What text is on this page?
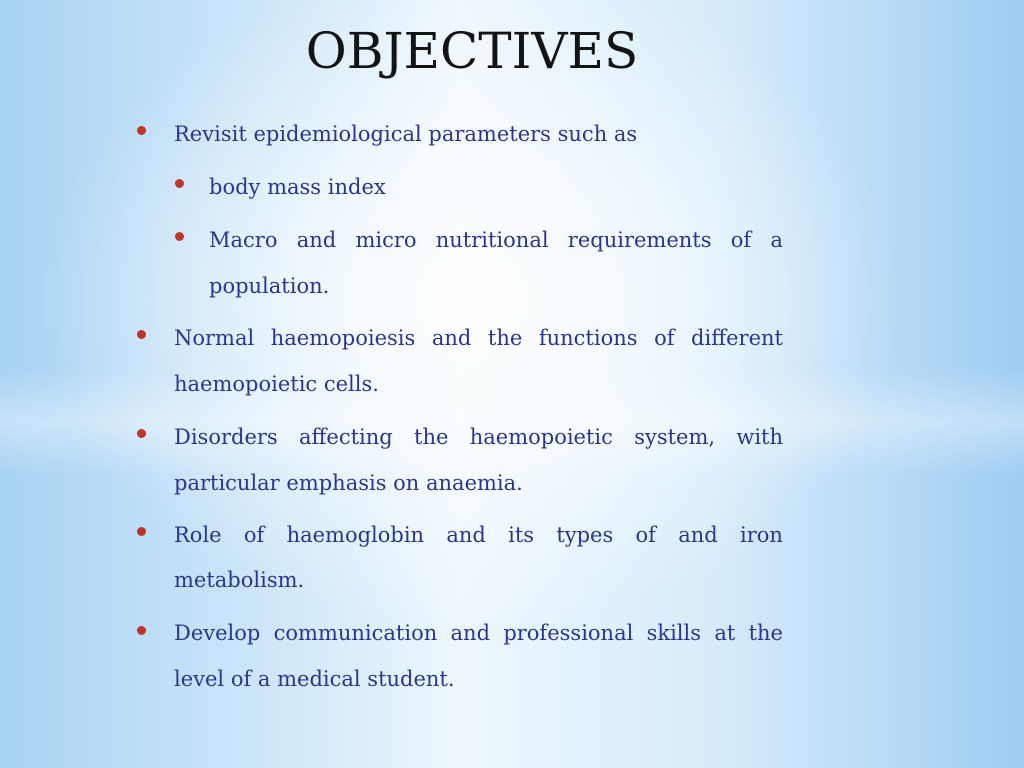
OBJECTIVES

Revisit epidemiological parameters such as

body mass index

Macro and micro nutritional requirements of a

population.

Normal haemopoiesis and the functions of different

haemopoietic cells.

Disorders affecting the haemopoietic system, with

particular emphasis on anaemia.

Role of haemoglobin and its types of and iron

metabolism.

Develop communication and professional skills at the

level of a medical student.
